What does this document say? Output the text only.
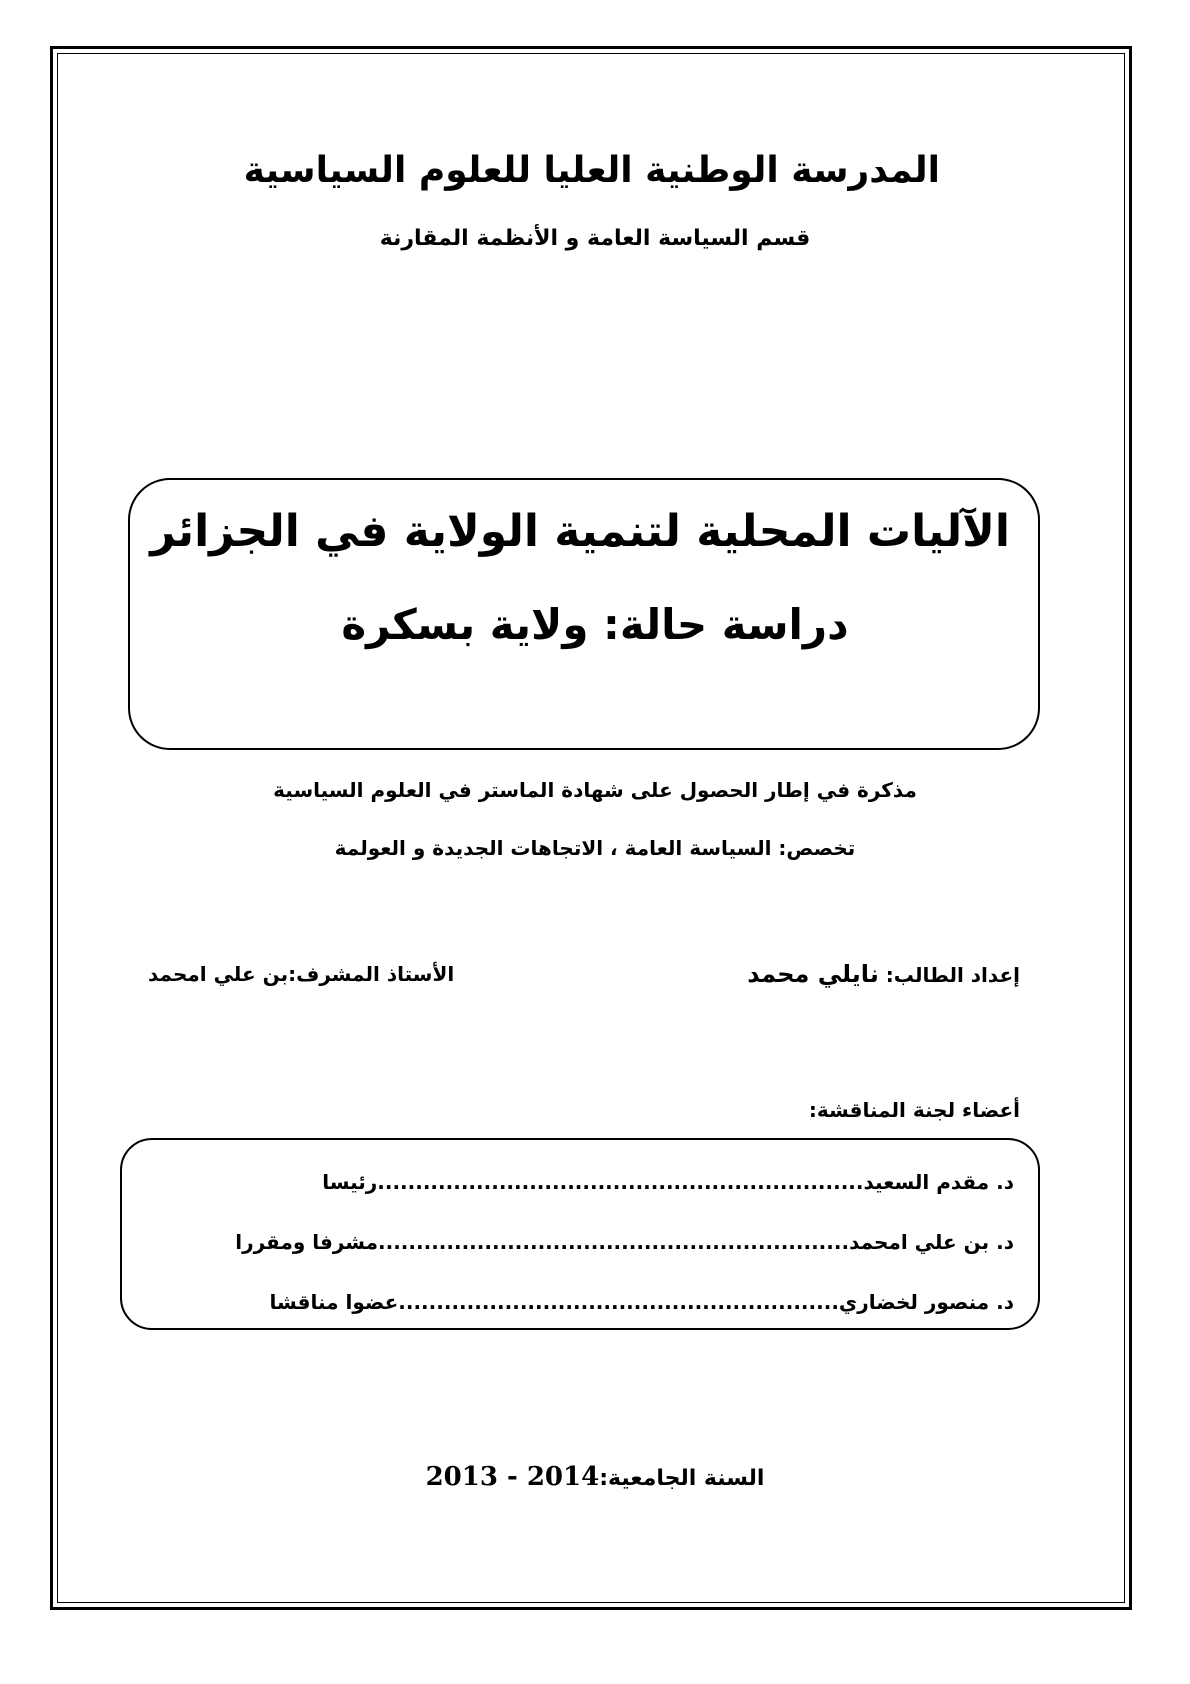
المدرسة الوطنية العليا للعلوم السياسية
قسم السياسة العامة و الأنظمة المقارنة
الآليات المحلية لتنمية الولاية في الجزائر
دراسة حالة: ولاية بسكرة
مذكرة في إطار الحصول على شهادة الماستر في العلوم السياسية
تخصص: السياسة العامة ، الاتجاهات الجديدة و العولمة
إعداد الطالب: نايلي محمد
الأستاذ المشرف:بن علي امحمد
أعضاء لجنة المناقشة:
د. مقدم السعيد................................................................رئيسا
د. بن علي امحمد..............................................................مشرفا ومقررا
د. منصور لخضاري..........................................................عضوا مناقشا
السنة الجامعية:2013 - 2014
